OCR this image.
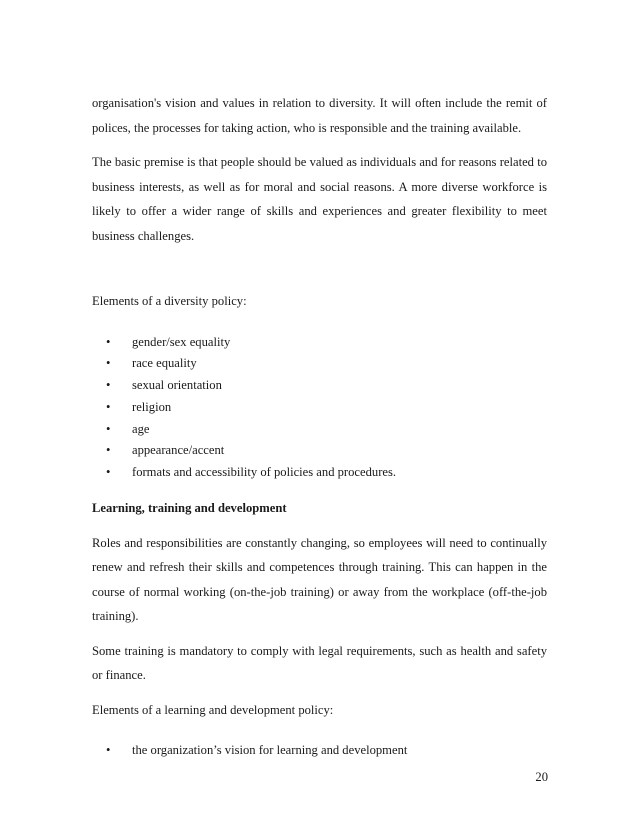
organisation's vision and values in relation to diversity. It will often include the remit of polices, the processes for taking action, who is responsible and the training available.

The basic premise is that people should be valued as individuals and for reasons related to business interests, as well as for moral and social reasons. A more diverse workforce is likely to offer a wider range of skills and experiences and greater flexibility to meet business challenges.

Elements of a diversity policy:

• gender/sex equality
• race equality
• sexual orientation
• religion
• age
• appearance/accent
• formats and accessibility of policies and procedures.

Learning, training and development

Roles and responsibilities are constantly changing, so employees will need to continually renew and refresh their skills and competences through training. This can happen in the course of normal working (on-the-job training) or away from the workplace (off-the-job training).

Some training is mandatory to comply with legal requirements, such as health and safety or finance.

Elements of a learning and development policy:

• the organization’s vision for learning and development
20
